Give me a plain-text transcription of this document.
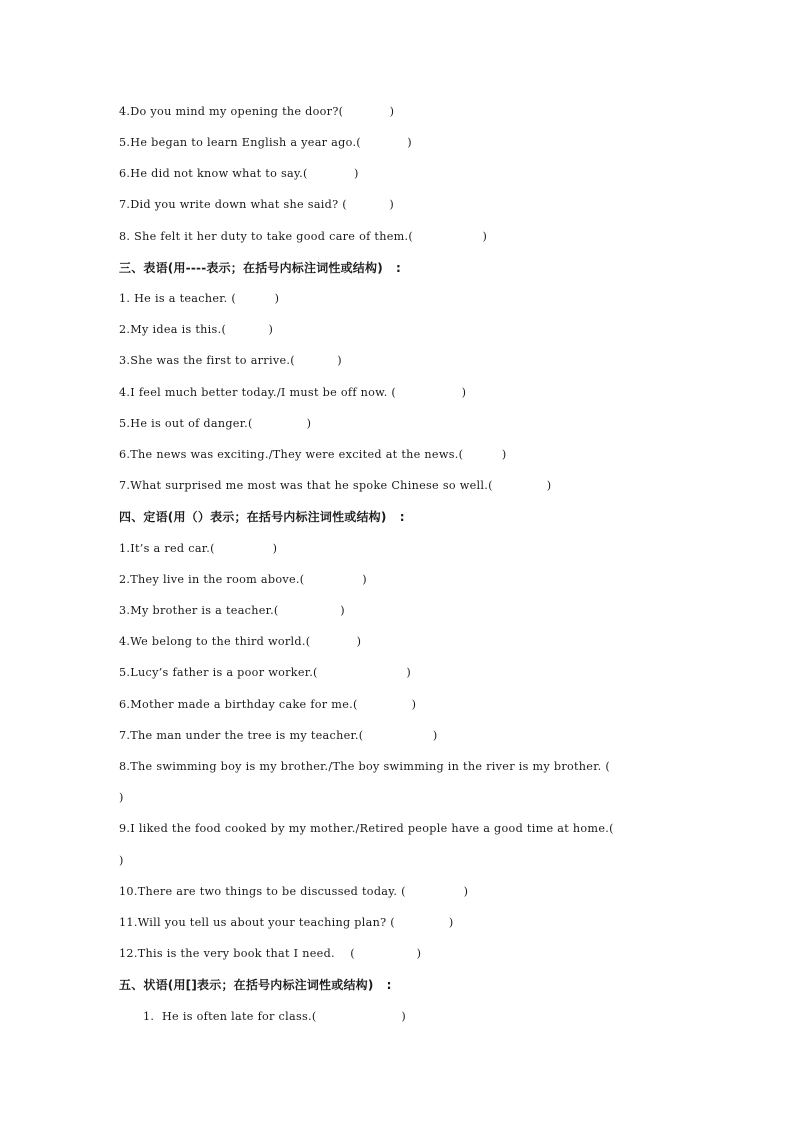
4.Do you mind my opening the door?(            )
5.He began to learn English a year ago.(            )
6.He did not know what to say.(            )
7.Did you write down what she said? (           )
8. She felt it her duty to take good care of them.(                  )
三、表语(用----表示；在括号内标注词性或结构)   :
1. He is a teacher. (          )
2.My idea is this.(           )
3.She was the first to arrive.(           )
4.I feel much better today./I must be off now. (                 )
5.He is out of danger.(              )
6.The news was exciting./They were excited at the news.(          )
7.What surprised me most was that he spoke Chinese so well.(              )
四、定语(用（）表示；在括号内标注词性或结构)   :
1.It’s a red car.(               )
2.They live in the room above.(               )
3.My brother is a teacher.(                )
4.We belong to the third world.(            )
5.Lucy’s father is a poor worker.(                       )
6.Mother made a birthday cake for me.(              )
7.The man under the tree is my teacher.(                  )
8.The swimming boy is my brother./The boy swimming in the river is my brother. (
)
9.I liked the food cooked by my mother./Retired people have a good time at home.(
)
10.There are two things to be discussed today. (               )
11.Will you tell us about your teaching plan? (              )
12.This is the very book that I need.    (                )
五、状语(用[]表示；在括号内标注词性或结构)   :
1.  He is often late for class.(                      )
